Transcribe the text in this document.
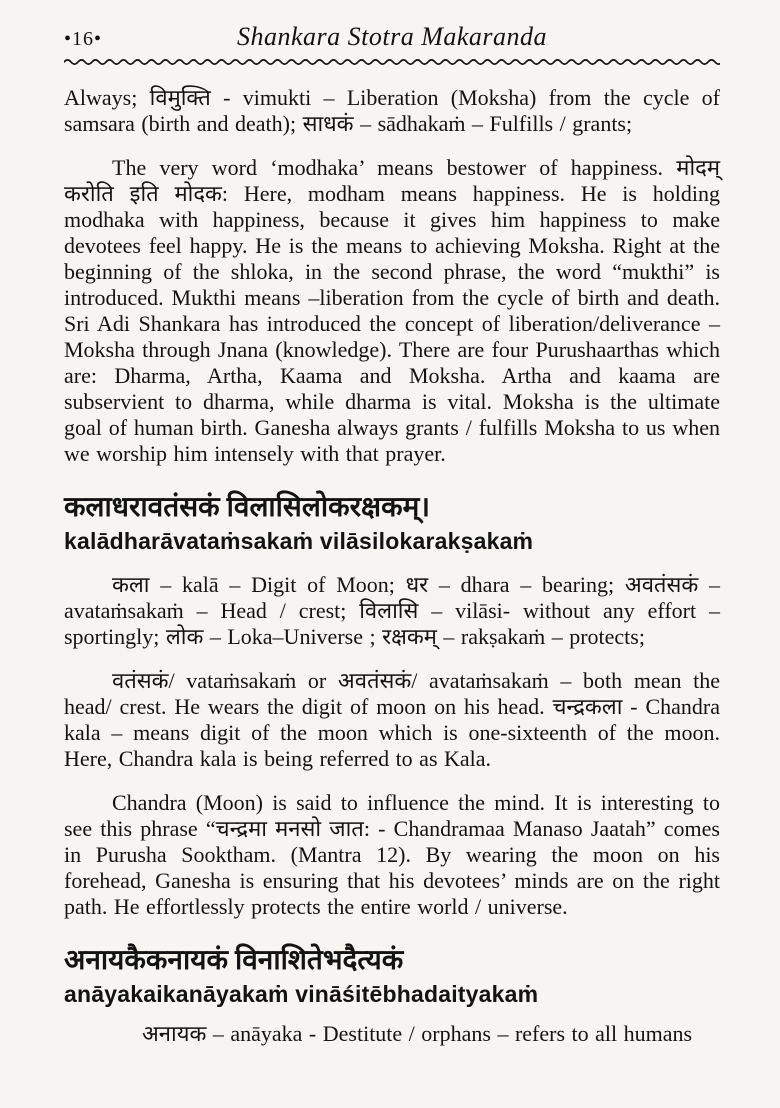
•16•	Shankara Stotra Makaranda

Always; विमुक्ति - vimukti – Liberation (Moksha) from the cycle of samsara (birth and death); साधकं – sādhakaṁ – Fulfills / grants;

The very word ‘modhaka’ means bestower of happiness. मोदम् करोति इति मोदक: Here, modham means happiness. He is holding modhaka with happiness, because it gives him happiness to make devotees feel happy. He is the means to achieving Moksha. Right at the beginning of the shloka, in the second phrase, the word “mukthi” is introduced. Mukthi means –liberation from the cycle of birth and death. Sri Adi Shankara has introduced the concept of liberation/deliverance – Moksha through Jnana (knowledge). There are four Purushaarthas which are: Dharma, Artha, Kaama and Moksha. Artha and kaama are subservient to dharma, while dharma is vital. Moksha is the ultimate goal of human birth. Ganesha always grants / fulfills Moksha to us when we worship him intensely with that prayer.

कलाधरावतंसकं विलासिलोकरक्षकम्।
kalādharāvataṁsakaṁ vilāsilokarakṣakaṁ

कला – kalā – Digit of Moon; धर – dhara – bearing; अवतंसकं – avataṁsakaṁ – Head / crest; विलासि – vilāsi- without any effort – sportingly; लोक – Loka–Universe ; रक्षकम् – rakṣakaṁ – protects;

वतंसकं/ vataṁsakaṁ or अवतंसकं/ avataṁsakaṁ – both mean the head/ crest. He wears the digit of moon on his head. चन्द्रकला - Chandra kala – means digit of the moon which is one-sixteenth of the moon. Here, Chandra kala is being referred to as Kala.

Chandra (Moon) is said to influence the mind. It is interesting to see this phrase “चन्द्रमा मनसो जात: - Chandramaa Manaso Jaatah” comes in Purusha Sooktham. (Mantra 12). By wearing the moon on his forehead, Ganesha is ensuring that his devotees’ minds are on the right path. He effortlessly protects the entire world / universe.

अनायकैकनायकं विनाशितेभदैत्यकं
anāyakaikanāyakaṁ vināśitēbhadaityakaṁ

अनायक – anāyaka - Destitute / orphans – refers to all humans
